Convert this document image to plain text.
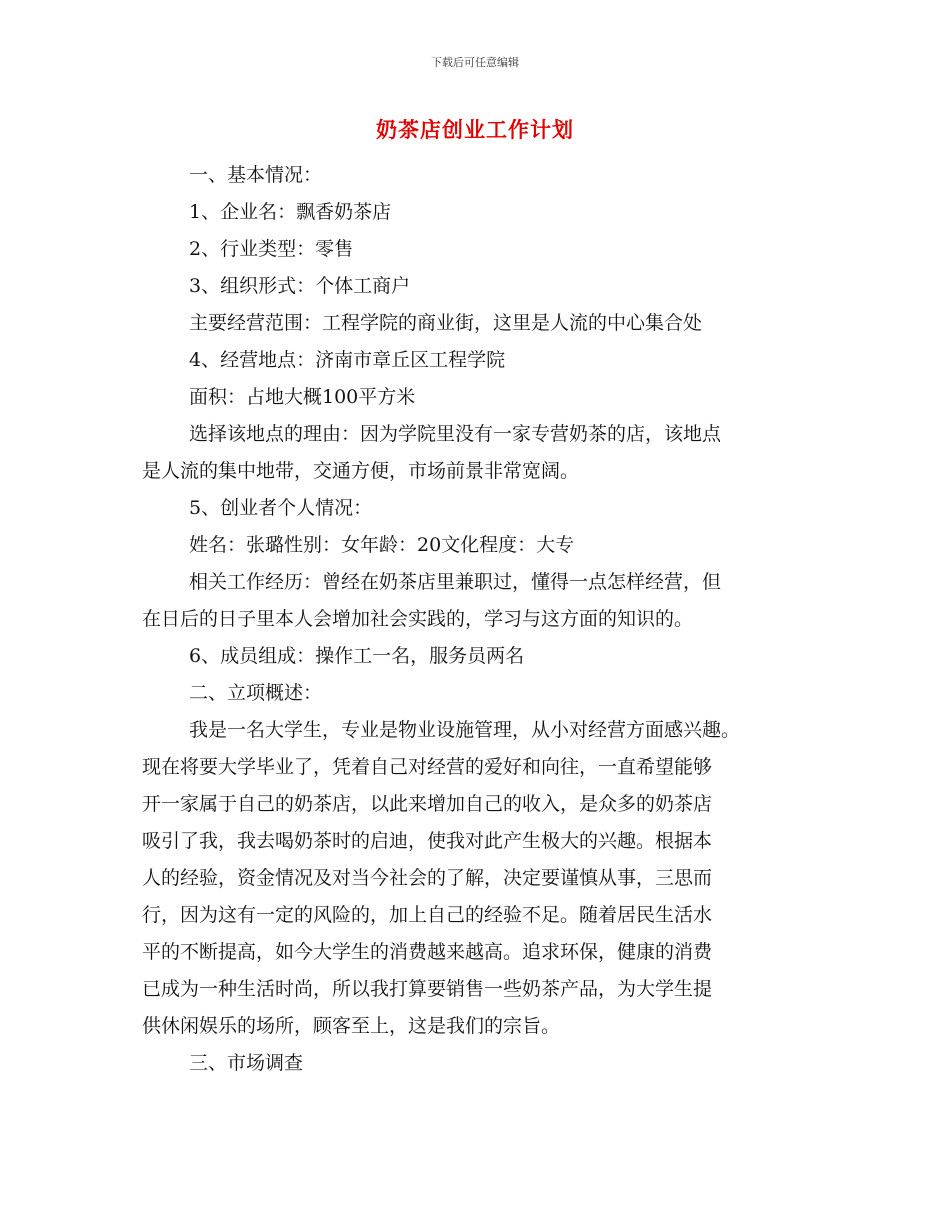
下载后可任意编辑
奶茶店创业工作计划
一、基本情况：
1、企业名：飘香奶茶店
2、行业类型：零售
3、组织形式：个体工商户
主要经营范围：工程学院的商业街，这里是人流的中心集合处
4、经营地点：济南市章丘区工程学院
面积：占地大概100平方米
选择该地点的理由：因为学院里没有一家专营奶茶的店，该地点
是人流的集中地带，交通方便，市场前景非常宽阔。
5、创业者个人情况：
姓名：张璐性别：女年龄：20文化程度：大专
相关工作经历：曾经在奶茶店里兼职过，懂得一点怎样经营，但
在日后的日子里本人会增加社会实践的，学习与这方面的知识的。
6、成员组成：操作工一名，服务员两名
二、立项概述：
我是一名大学生，专业是物业设施管理，从小对经营方面感兴趣。
现在将要大学毕业了，凭着自己对经营的爱好和向往，一直希望能够
开一家属于自己的奶茶店，以此来增加自己的收入，是众多的奶茶店
吸引了我，我去喝奶茶时的启迪，使我对此产生极大的兴趣。根据本
人的经验，资金情况及对当今社会的了解，决定要谨慎从事，三思而
行，因为这有一定的风险的，加上自己的经验不足。随着居民生活水
平的不断提高，如今大学生的消费越来越高。追求环保，健康的消费
已成为一种生活时尚，所以我打算要销售一些奶茶产品，为大学生提
供休闲娱乐的场所，顾客至上，这是我们的宗旨。
三、市场调查
